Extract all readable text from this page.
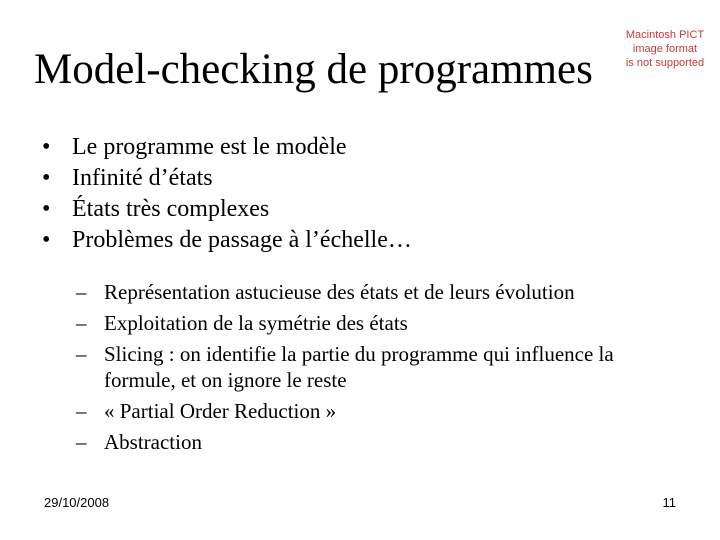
Model-checking de programmes
Macintosh PICT
image format
is not supported
• Le programme est le modèle
• Infinité d’états
• États très complexes
• Problèmes de passage à l’échelle…
– Représentation astucieuse des états et de leurs évolution
– Exploitation de la symétrie des états
– Slicing : on identifie la partie du programme qui influence la formule, et on ignore le reste
– « Partial Order Reduction »
– Abstraction
29/10/2008	11
